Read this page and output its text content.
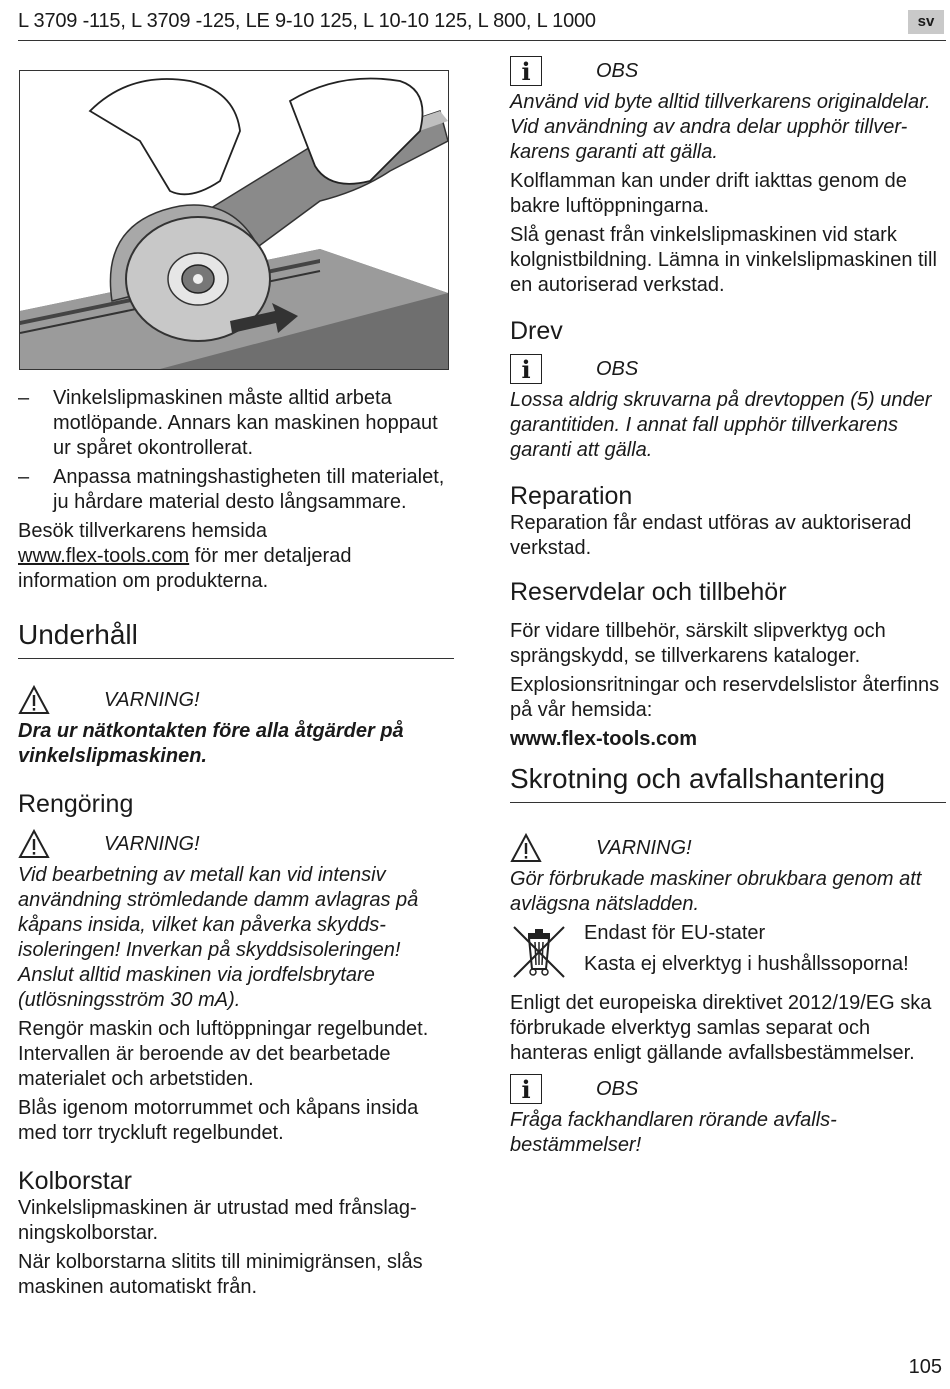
L 3709 -115, L 3709 -125, LE 9-10 125, L 10-10 125, L 800, L 1000	sv
– Vinkelslipmaskinen måste alltid arbeta motlöpande. Annars kan maskinen hoppaut ur spåret okontrollerat.
– Anpassa matningshastigheten till materialet, ju hårdare material desto långsammare.

Besök tillverkarens hemsida
www.flex-tools.com för mer detaljerad information om produkterna.

Underhåll
VARNING!

Dra ur nätkontakten före alla åtgärder på vinkelslipmaskinen.

Rengöring
VARNING!

Vid bearbetning av metall kan vid intensiv användning strömledande damm avlagras på kåpans insida, vilket kan påverka skydds-isoleringen! Inverkan på skyddsisoleringen! Anslut alltid maskinen via jordfelsbrytare (utlösningsström 30 mA).

Rengör maskin och luftöppningar regelbundet. Intervallen är beroende av det bearbetade materialet och arbetstiden.

Blås igenom motorrummet och kåpans insida med torr tryckluft regelbundet.

Kolborstar

Vinkelslipmaskinen är utrustad med frånslag-ningskolborstar.

När kolborstarna slitits till minimigränsen, slås maskinen automatiskt från.

i	OBS

Använd vid byte alltid tillverkarens originaldelar. Vid användning av andra delar upphör tillver-karens garanti att gälla.

Kolflamman kan under drift iakttas genom de bakre luftöppningarna.

Slå genast från vinkelslipmaskinen vid stark kolgnistbildning. Lämna in vinkelslipmaskinen till en autoriserad verkstad.

Drev
i	OBS

Lossa aldrig skruvarna på drevtoppen (5) under garantitiden. I annat fall upphör tillverkarens garanti att gälla.

Reparation

Reparation får endast utföras av auktoriserad verkstad.

Reservdelar och tillbehör

För vidare tillbehör, särskilt slipverktyg och sprängskydd, se tillverkarens kataloger.

Explosionsritningar och reservdelslistor återfinns på vår hemsida:

www.flex-tools.com

Skrotning och avfallshantering
VARNING!

Gör förbrukade maskiner obrukbara genom att avlägsna nätsladden.

Endast för EU-stater

Kasta ej elverktyg i hushållssoporna!

Enligt det europeiska direktivet 2012/19/EG ska förbrukade elverktyg samlas separat och hanteras enligt gällande avfallsbestämmelser.

i	OBS

Fråga fackhandlaren rörande avfalls-bestämmelser!

105
